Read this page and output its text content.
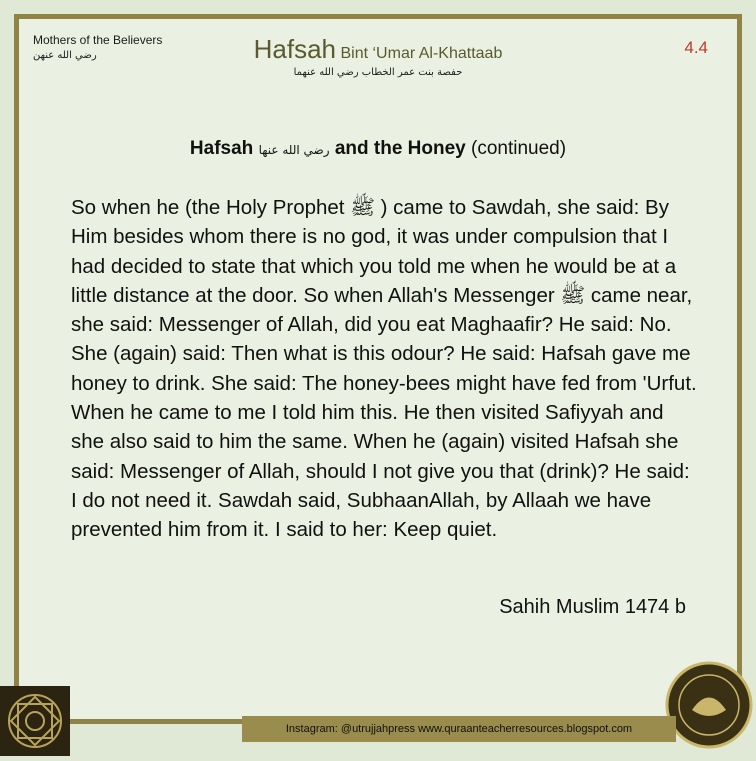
Mothers of the Believers
رضي الله عنهن	4.4
Hafsah Bint ‘Umar Al-Khattaab
حفصة بنت عمر الخطاب رضي الله عنهما
Hafsah رضي الله عنها and the Honey (continued)
So when he (the Holy Prophet ﷺ ) came to Sawdah, she said: By Him besides whom there is no god, it was under compulsion that I had decided to state that which you told me when he would be at a little distance at the door. So when Allah's Messenger ﷺ came near, she said: Messenger of Allah, did you eat Maghaafir? He said: No. She (again) said: Then what is this odour? He said: Hafsah gave me honey to drink. She said: The honey-bees might have fed from 'Urfut. When he came to me I told him this. He then visited Safiyyah and she also said to him the same. When he (again) visited Hafsah she said: Messenger of Allah, should I not give you that (drink)? He said: I do not need it. Sawdah said, SubhaanAllah, by Allaah we have prevented him from it. I said to her: Keep quiet.
Sahih Muslim 1474 b
Instagram: @utrujjahpress www.quraanteacherresources.blogspot.com
